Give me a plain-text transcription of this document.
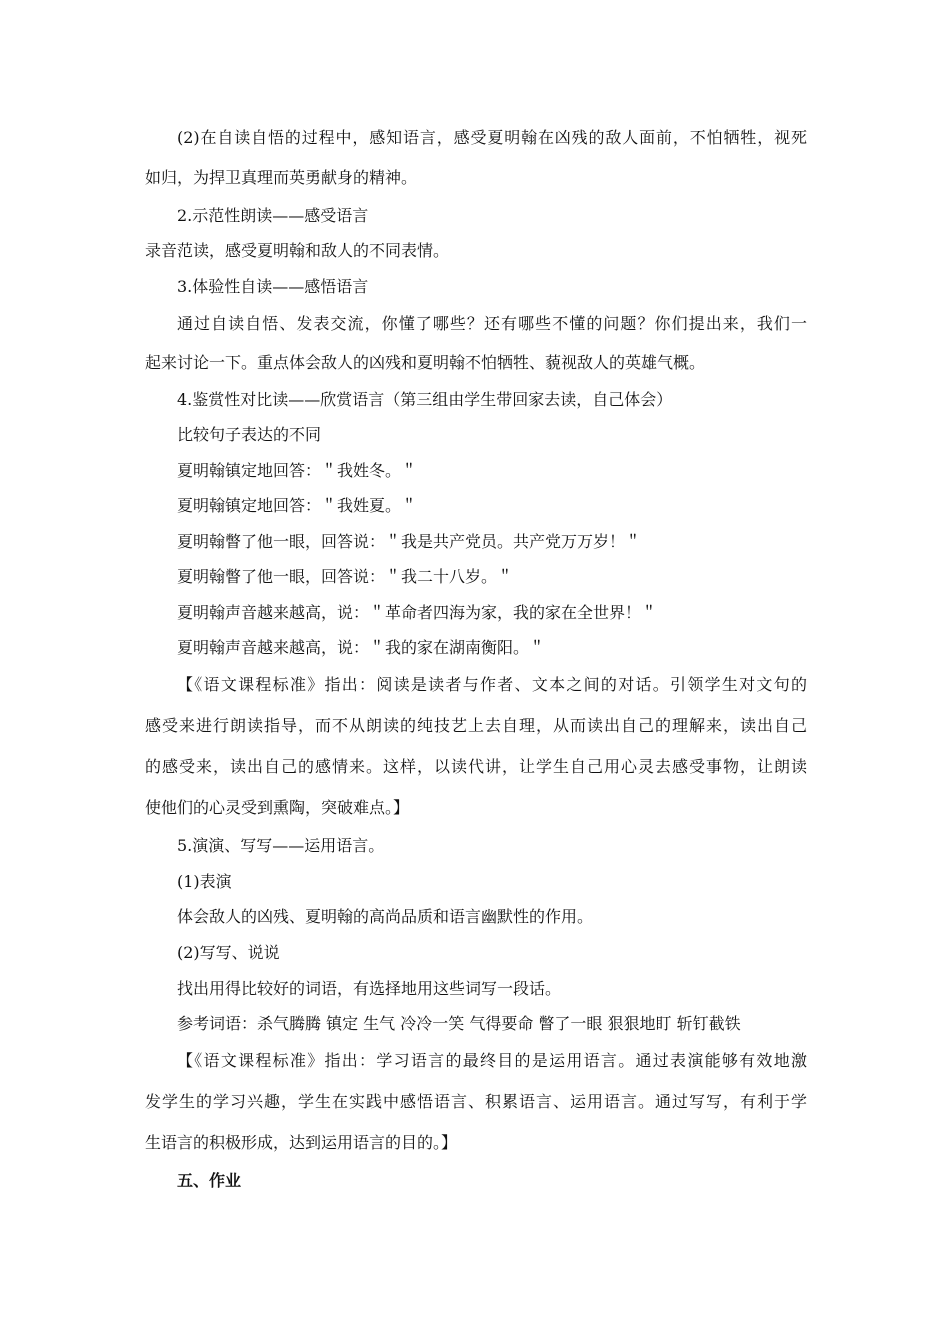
(2)在自读自悟的过程中，感知语言，感受夏明翰在凶残的敌人面前，不怕牺牲，视死
如归，为捍卫真理而英勇献身的精神。
2.示范性朗读——感受语言
录音范读，感受夏明翰和敌人的不同表情。
3.体验性自读——感悟语言
通过自读自悟、发表交流，你懂了哪些？还有哪些不懂的问题？你们提出来，我们一
起来讨论一下。重点体会敌人的凶残和夏明翰不怕牺牲、藐视敌人的英雄气概。
4.鉴赏性对比读——欣赏语言（第三组由学生带回家去读，自己体会）
比较句子表达的不同
夏明翰镇定地回答：＂我姓冬。＂
夏明翰镇定地回答：＂我姓夏。＂
夏明翰瞥了他一眼，回答说：＂我是共产党员。共产党万万岁！＂
夏明翰瞥了他一眼，回答说：＂我二十八岁。＂
夏明翰声音越来越高，说：＂革命者四海为家，我的家在全世界！＂
夏明翰声音越来越高，说：＂我的家在湖南衡阳。＂
【《语文课程标准》指出：阅读是读者与作者、文本之间的对话。引领学生对文句的
感受来进行朗读指导，而不从朗读的纯技艺上去自理，从而读出自己的理解来，读出自己
的感受来，读出自己的感情来。这样，以读代讲，让学生自己用心灵去感受事物，让朗读
使他们的心灵受到熏陶，突破难点。】
5.演演、写写——运用语言。
(1)表演
体会敌人的凶残、夏明翰的高尚品质和语言幽默性的作用。
(2)写写、说说
找出用得比较好的词语，有选择地用这些词写一段话。
参考词语：杀气腾腾 镇定 生气 冷冷一笑 气得要命 瞥了一眼 狠狠地盯 斩钉截铁
【《语文课程标准》指出：学习语言的最终目的是运用语言。通过表演能够有效地激
发学生的学习兴趣，学生在实践中感悟语言、积累语言、运用语言。通过写写，有利于学
生语言的积极形成，达到运用语言的目的。】
五、作业
